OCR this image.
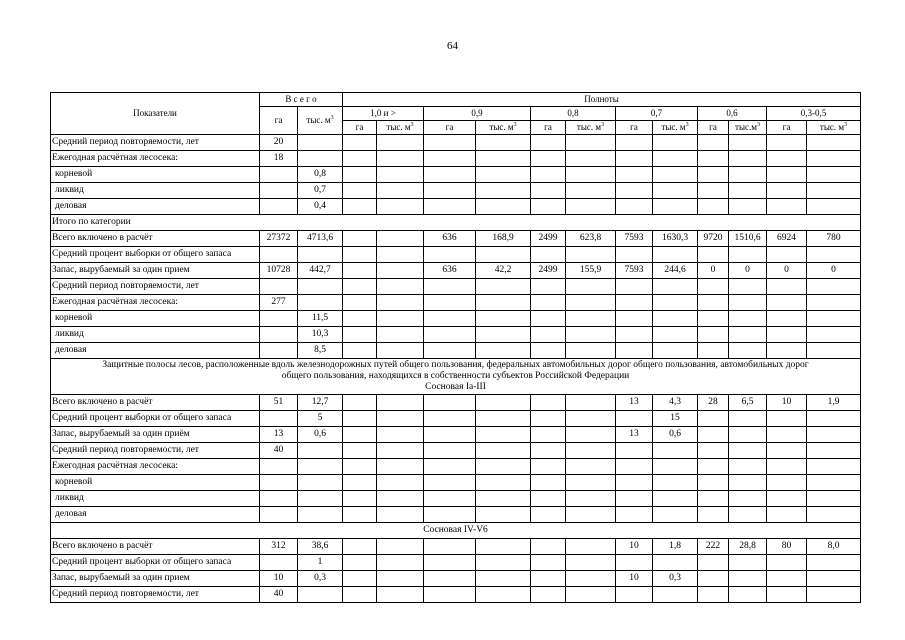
64
Показатели	В с е г о		Полноты											
	га	тыс. $м^3$	1,0 и >		0,9		0,8		0,7		0,6		0,3-0,5	
			га	тыс. $м^3$	га	тыс. $м^3$	га	тыс. $м^3$	га	тыс. $м^3$	га	$тыс.м^3$	га	тыс. $м^3$
Средний период повторяемости, лет	20													
Ежегодная расчётная лесосека:	18													
корневой		0,8												
ликвид		0,7												
деловая		0,4												
Итого по категории														
Всего включено в расчёт	27372	4713,6			636	168,9	2499	623,8	7593	1630,3	9720	1510,6	6924	780
Средний процент выборки от общего запаса														
Запас, вырубаемый за один прием	10728	442,7			636	42,2	2499	155,9	7593	244,6	0	0	0	0
Средний период повторяемости, лет														
Ежегодная расчётная лесосека:	277													
корневой		11,5												
ликвид		10,3												
деловая		8,5												

Защитные полосы лесов, расположенные вдоль железнодорожных путей общего пользования, федеральных автомобильных дорог общего пользования, автомобильных дорог
общего пользования, находящихся в собственности субъектов Российской Федерации
Сосновая Iа-III														

Всего включено в расчёт	51	12,7							13	4,3	28	6,5	10	1,9
Средний процент выборки от общего запаса		5								15				
Запас, вырубаемый за один приём	13	0,6							13	0,6				
Средний период повторяемости, лет	40													
Ежегодная расчётная лесосека:														
корневой														
ликвид														
деловая														

Сосновая IV-V6														

Всего включено в расчёт	312	38,6							10	1,8	222	28,8	80	8,0
Средний процент выборки от общего запаса		1												
Запас, вырубаемый за один прием	10	0,3							10	0,3				
Средний период повторяемости, лет	40													
